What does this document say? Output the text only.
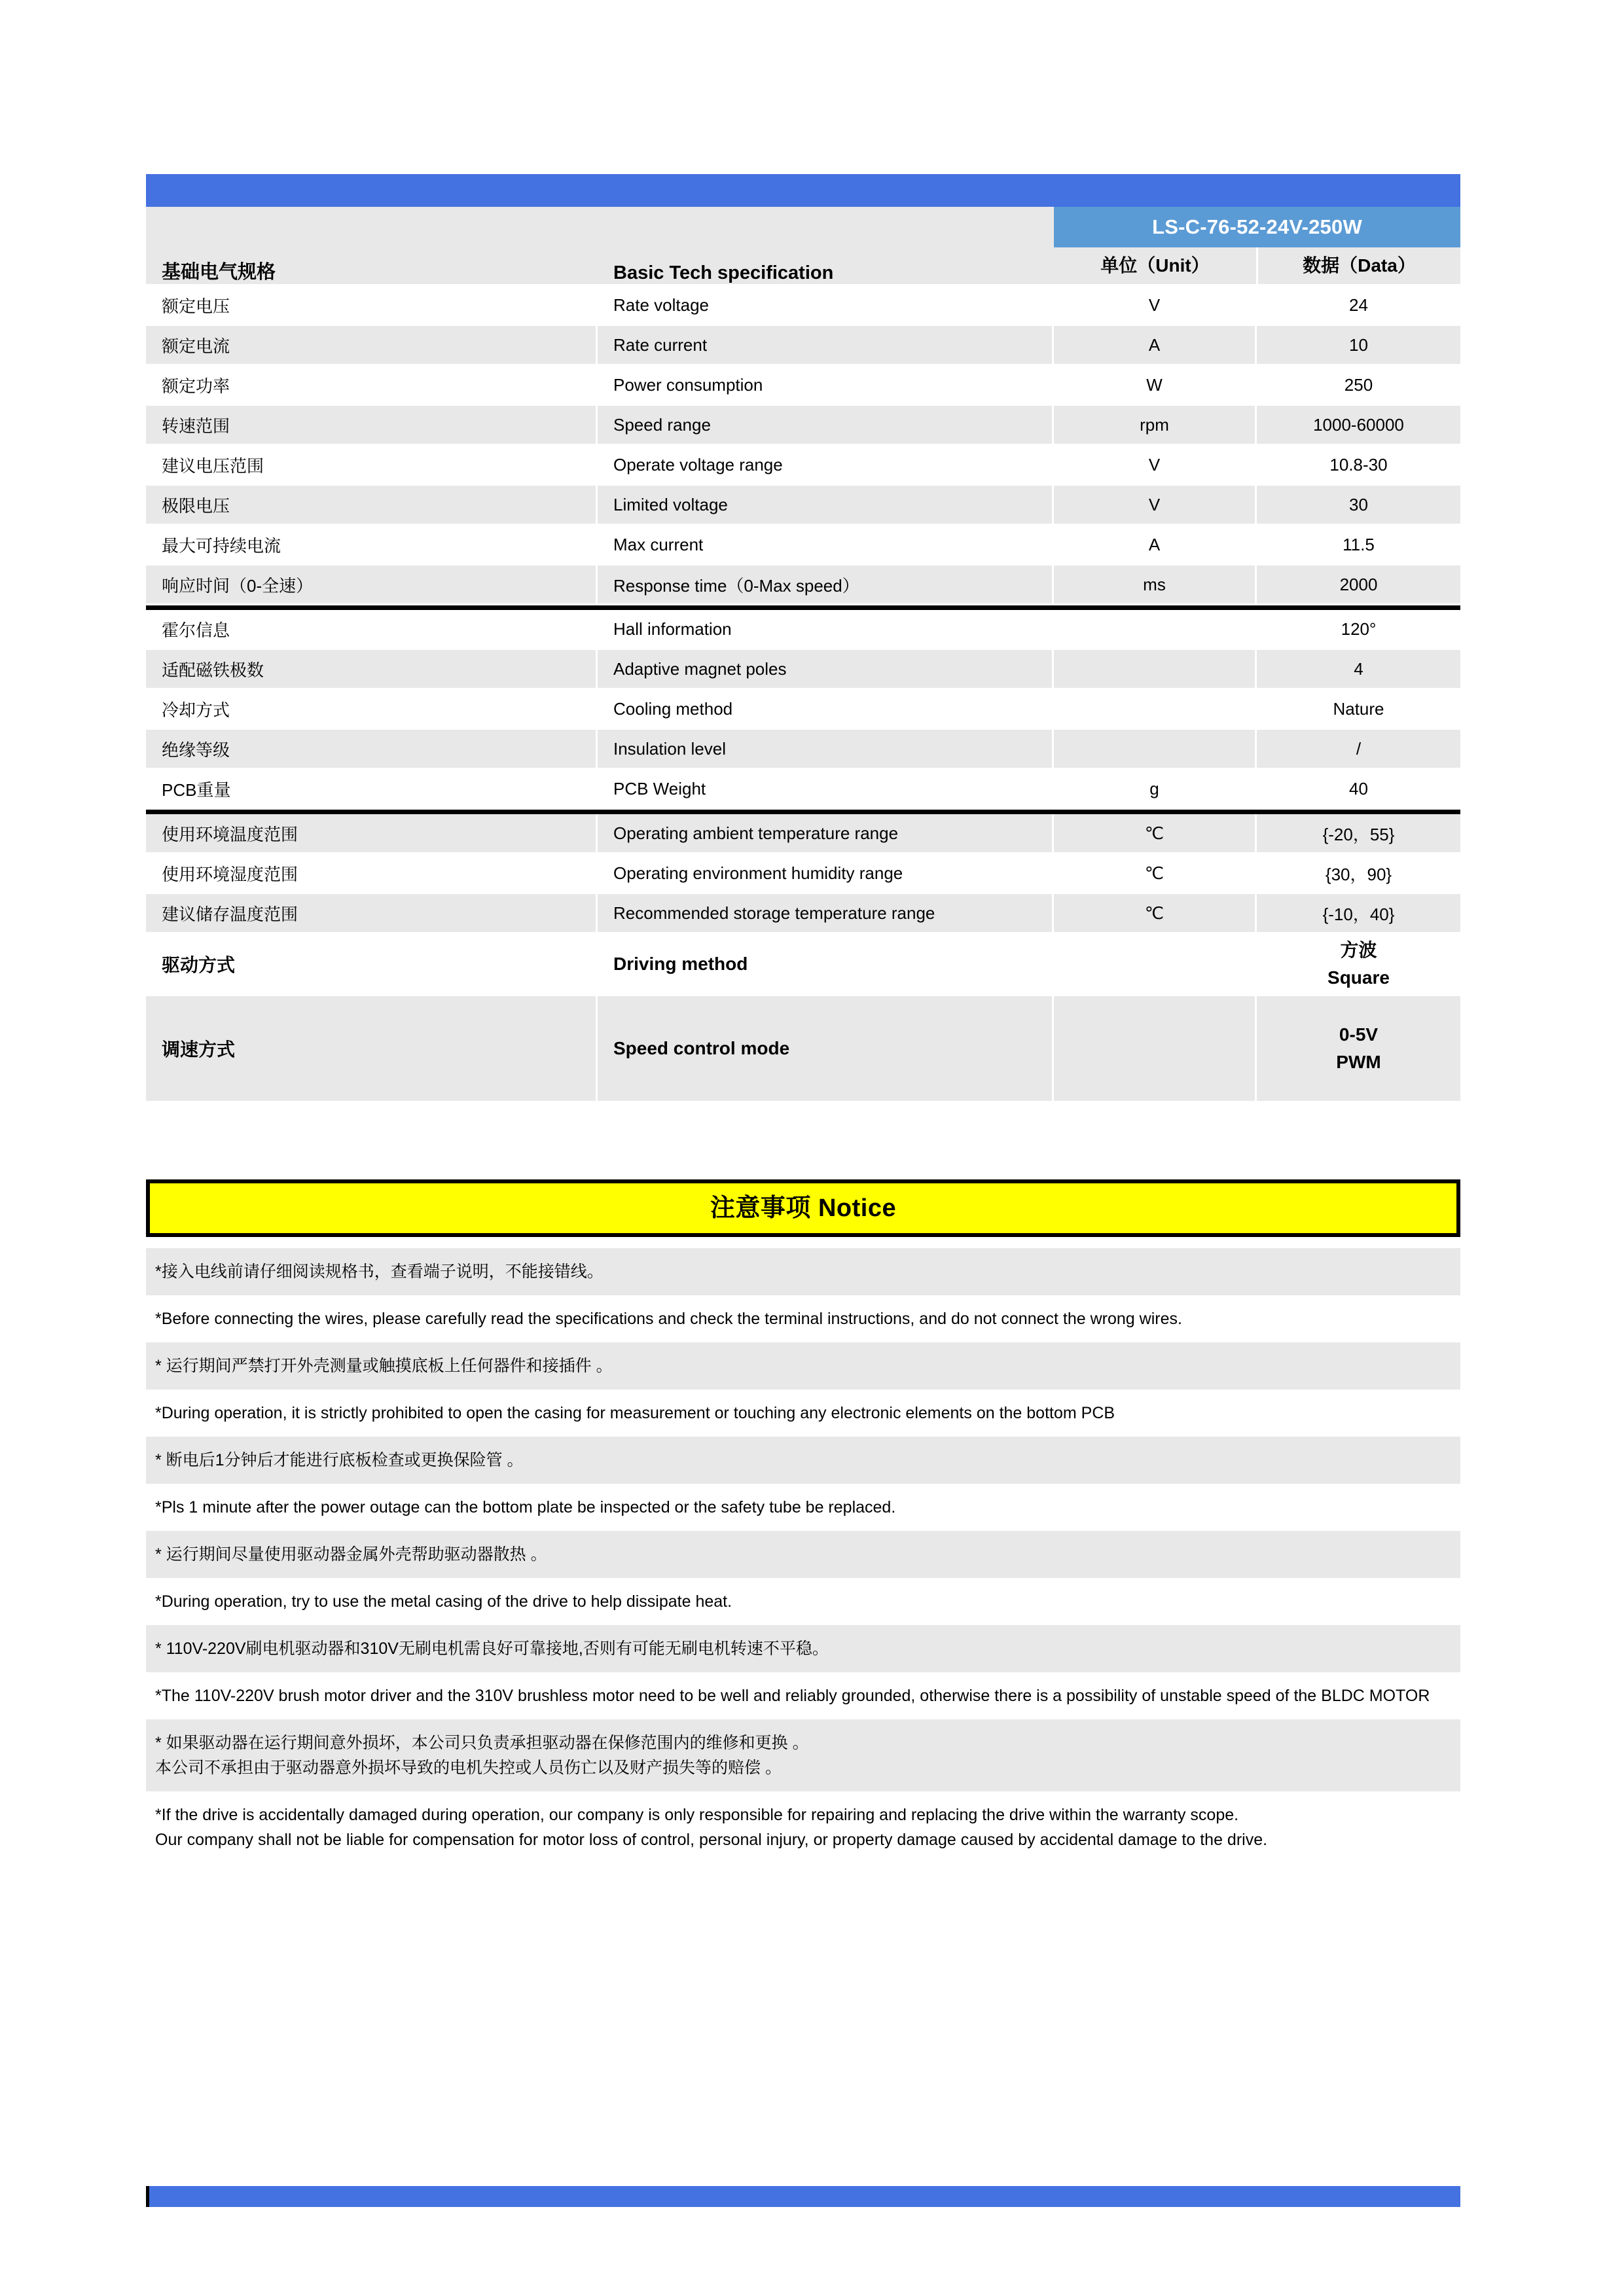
基础电气规格	Basic Tech specification	LS-C-76-52-24V-250W
单位（Unit） 数据（Data）	

额定电压	Rate voltage	V	24
额定电流	Rate current	A	10
额定功率	Power consumption	W	250
转速范围	Speed range	rpm	1000-60000
建议电压范围	Operate voltage range	V	10.8-30
极限电压	Limited voltage	V	30
最大可持续电流	Max current	A	11.5
响应时间（0-全速）	Response time（0-Max speed）	ms	2000

霍尔信息	Hall information		120°
适配磁铁极数	Adaptive magnet poles		4
冷却方式	Cooling method		Nature
绝缘等级	Insulation level		/
PCB重量	PCB Weight	g	40

使用环境温度范围	Operating ambient temperature range	℃	{-20，55}
使用环境湿度范围	Operating environment humidity range	℃	{30，90}
建议储存温度范围	Recommended storage temperature range	℃	{-10，40}
驱动方式	Driving method		方波
Square

调速方式	Speed control mode		0-5V
PWM
注意事项 Notice
*接入电线前请仔细阅读规格书，查看端子说明，不能接错线。
*Before connecting the wires, please carefully read the specifications and check the terminal instructions, and do not connect the wrong wires.
* 运行期间严禁打开外壳测量或触摸底板上任何器件和接插件 。
*During operation, it is strictly prohibited to open the casing for measurement or touching any electronic elements on the bottom PCB
* 断电后1分钟后才能进行底板检查或更换保险管 。
*Pls 1 minute after the power outage can the bottom plate be inspected or the safety tube be replaced.
* 运行期间尽量使用驱动器金属外壳帮助驱动器散热 。
*During operation, try to use the metal casing of the drive to help dissipate heat.
* 110V-220V刷电机驱动器和310V无刷电机需良好可靠接地,否则有可能无刷电机转速不平稳。
*The 110V-220V brush motor driver and the 310V brushless motor need to be well and reliably grounded, otherwise there is a possibility of unstable speed of the BLDC MOTOR
* 如果驱动器在运行期间意外损坏，本公司只负责承担驱动器在保修范围内的维修和更换 。
本公司不承担由于驱动器意外损坏导致的电机失控或人员伤亡以及财产损失等的赔偿 。
*If the drive is accidentally damaged during operation, our company is only responsible for repairing and replacing the drive within the warranty scope.
Our company shall not be liable for compensation for motor loss of control, personal injury, or property damage caused by accidental damage to the drive.
